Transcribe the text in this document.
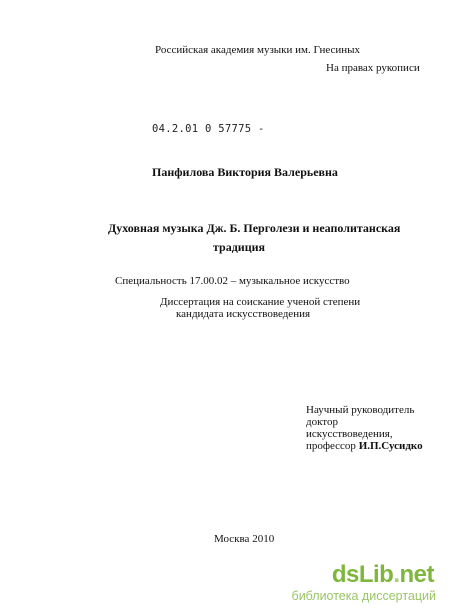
Российская академия музыки им. Гнесиных
На правах рукописи
04.2.01 0 57775 -
Панфилова Виктория Валерьевна
Духовная музыка Дж. Б. Перголези и неаполитанская
традиция
Специальность 17.00.02 – музыкальное искусство
Диссертация на соискание ученой степени
кандидата искусствоведения
Научный руководитель
доктор
искусствоведения,
профессор И.П.Сусидко
Москва 2010
dsLib.net
библиотека диссертаций
